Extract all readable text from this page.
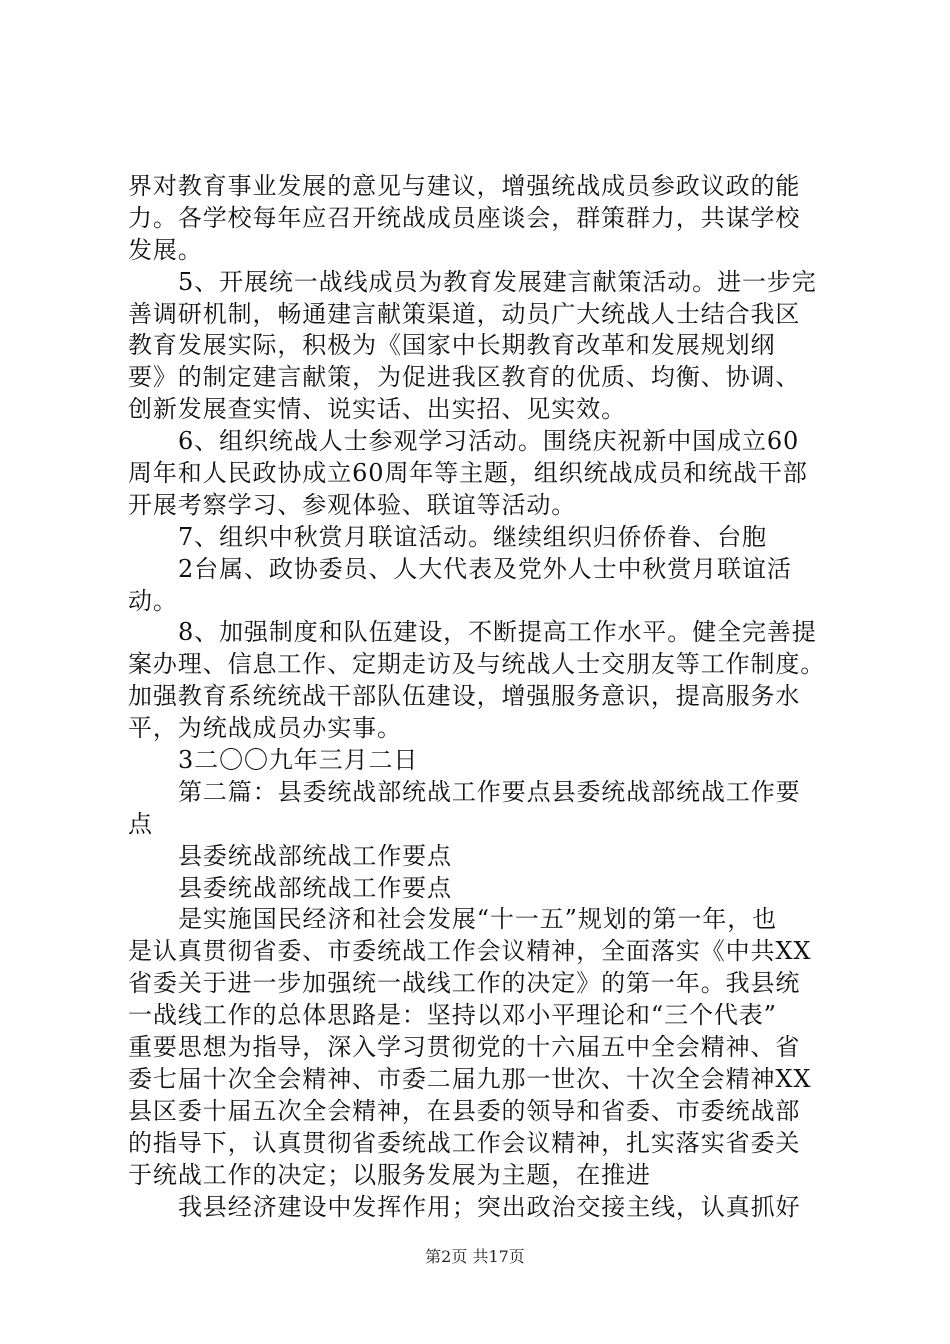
界对教育事业发展的意见与建议，增强统战成员参政议政的能
力。各学校每年应召开统战成员座谈会，群策群力，共谋学校
发展。
5、开展统一战线成员为教育发展建言献策活动。进一步完
善调研机制，畅通建言献策渠道，动员广大统战人士结合我区
教育发展实际，积极为《国家中长期教育改革和发展规划纲
要》的制定建言献策，为促进我区教育的优质、均衡、协调、
创新发展查实情、说实话、出实招、见实效。
6、组织统战人士参观学习活动。围绕庆祝新中国成立60
周年和人民政协成立60周年等主题，组织统战成员和统战干部
开展考察学习、参观体验、联谊等活动。
7、组织中秋赏月联谊活动。继续组织归侨侨眷、台胞
2台属、政协委员、人大代表及党外人士中秋赏月联谊活
动。
8、加强制度和队伍建设，不断提高工作水平。健全完善提
案办理、信息工作、定期走访及与统战人士交朋友等工作制度。
加强教育系统统战干部队伍建设，增强服务意识，提高服务水
平，为统战成员办实事。
3二〇〇九年三月二日
第二篇：县委统战部统战工作要点县委统战部统战工作要
点
县委统战部统战工作要点
县委统战部统战工作要点
是实施国民经济和社会发展“十一五”规划的第一年，也
是认真贯彻省委、市委统战工作会议精神，全面落实《中共XX
省委关于进一步加强统一战线工作的决定》的第一年。我县统
一战线工作的总体思路是：坚持以邓小平理论和“三个代表”
重要思想为指导，深入学习贯彻党的十六届五中全会精神、省
委七届十次全会精神、市委二届九那一世次、十次全会精神XX
县区委十届五次全会精神，在县委的领导和省委、市委统战部
的指导下，认真贯彻省委统战工作会议精神，扎实落实省委关
于统战工作的决定；以服务发展为主题，在推进
我县经济建设中发挥作用；突出政治交接主线，认真抓好
第2页 共17页
